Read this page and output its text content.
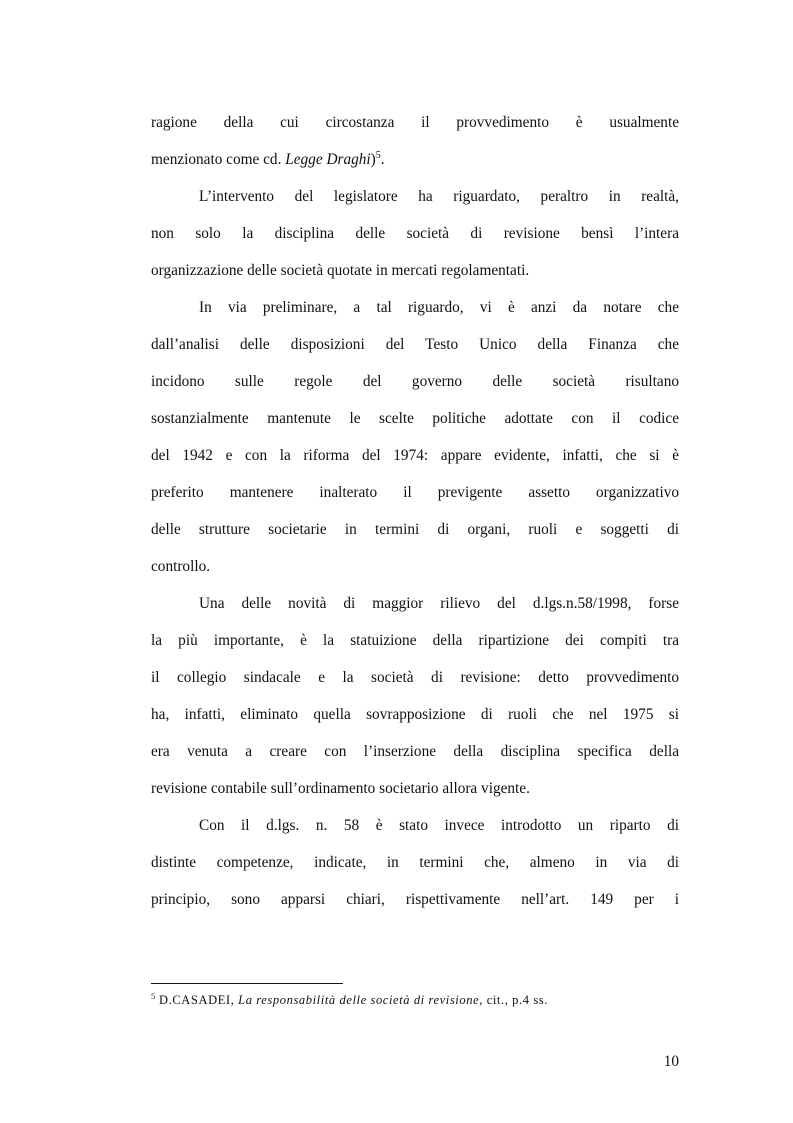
ragione della cui circostanza il provvedimento è usualmente
menzionato come cd. Legge Draghi)$^5$.
L’intervento del legislatore ha riguardato, peraltro in realtà,
non solo la disciplina delle società di revisione bensì l’intera
organizzazione delle società quotate in mercati regolamentati.
In via preliminare, a tal riguardo, vi è anzi da notare che
dall’analisi delle disposizioni del Testo Unico della Finanza che
incidono sulle regole del governo delle società risultano
sostanzialmente mantenute le scelte politiche adottate con il codice
del 1942 e con la riforma del 1974: appare evidente, infatti, che si è
preferito mantenere inalterato il previgente assetto organizzativo
delle strutture societarie in termini di organi, ruoli e soggetti di
controllo.
Una delle novità di maggior rilievo del d.lgs.n.58/1998, forse
la più importante, è la statuizione della ripartizione dei compiti tra
il collegio sindacale e la società di revisione: detto provvedimento
ha, infatti, eliminato quella sovrapposizione di ruoli che nel 1975 si
era venuta a creare con l’inserzione della disciplina specifica della
revisione contabile sull’ordinamento societario allora vigente.
Con il d.lgs. n. 58 è stato invece introdotto un riparto di
distinte competenze, indicate, in termini che, almeno in via di
principio, sono apparsi chiari, rispettivamente nell’art. 149 per i
$^5$ D.CASADEI, La responsabilità delle società di revisione, cit., p.4 ss.
10
